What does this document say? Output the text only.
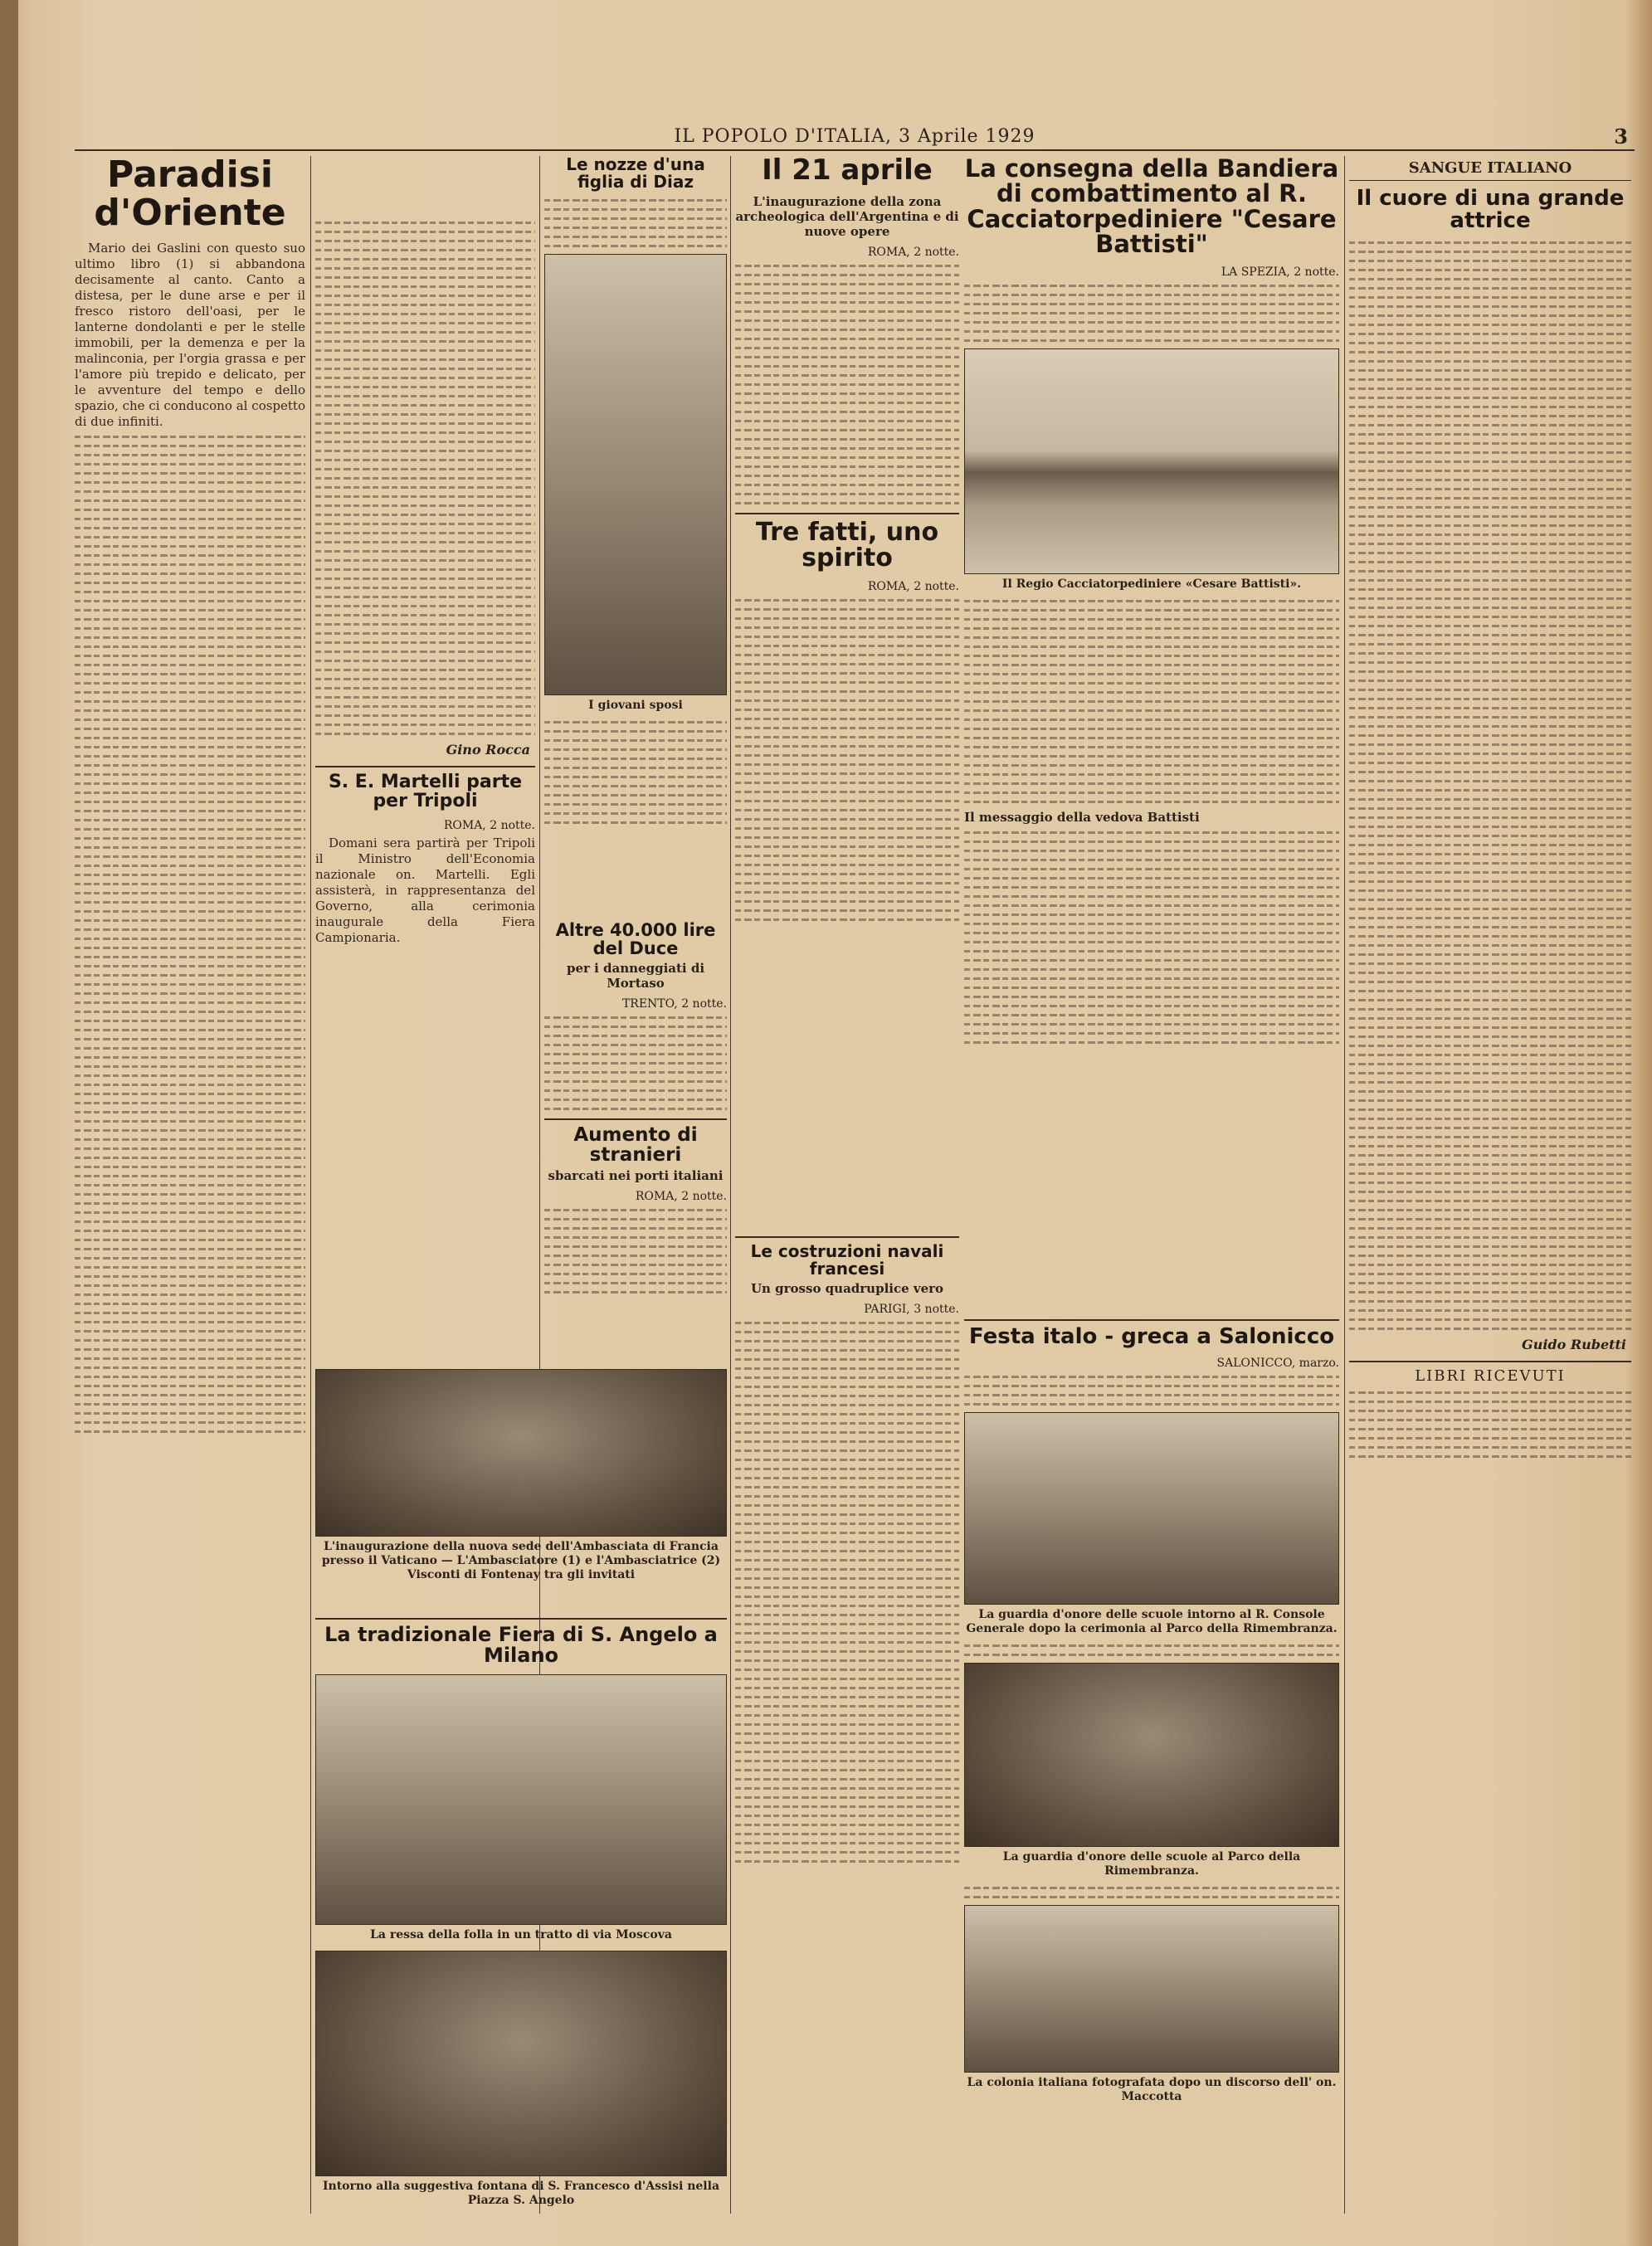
IL POPOLO D'ITALIA, 3 Aprile 1929	3
Paradisi d'Oriente

Mario dei Gaslini con questo suo ultimo libro (1) si abbandona decisamente al canto. Canto a distesa, per le dune arse e per il fresco ristoro dell'oasi, per le lanterne dondolanti e per le stelle immobili, per la demenza e per la malinconia, per l'orgia grassa e per l'amore più trepido e delicato, per le avventure del tempo e dello spazio, che ci conducono al cospetto di due infiniti.

Gino Rocca
S. E. Martelli parte per Tripoli
ROMA, 2 notte.

Domani sera partirà per Tripoli il Ministro dell'Economia nazionale on. Martelli. Egli assisterà, in rappresentanza del Governo, alla cerimonia inaugurale della Fiera Campionaria.

Le nozze d'una figlia di Diaz
I giovani sposi
Il 21 aprile
L'inaugurazione della zona archeologica dell'Argentina e di nuove opere
ROMA, 2 notte.
Tre fatti, uno spirito
ROMA, 2 notte.
Altre 40.000 lire del Duce
per i danneggiati di Mortaso
TRENTO, 2 notte.
Aumento di stranieri
sbarcati nei porti italiani
ROMA, 2 notte.
L'inaugurazione della nuova sede dell'Ambasciata di Francia presso il Vaticano — L'Ambasciatore (1) e l'Ambasciatrice (2) Visconti di Fontenay tra gli invitati
La tradizionale Fiera di S. Angelo a Milano
La ressa della folla in un tratto di via Moscova
Intorno alla suggestiva fontana di S. Francesco d'Assisi nella Piazza S. Angelo
Le costruzioni navali francesi
Un grosso quadruplice vero
PARIGI, 3 notte.
La consegna della Bandiera di combattimento al R. Cacciatorpediniere "Cesare Battisti"
LA SPEZIA, 2 notte.
Il Regio Cacciatorpediniere «Cesare Battisti».
Il messaggio della vedova Battisti
Festa italo - greca a Salonicco
SALONICCO, marzo.
La guardia d'onore delle scuole intorno al R. Console Generale dopo la cerimonia al Parco della Rimembranza.
La guardia d'onore delle scuole al Parco della Rimembranza.
La colonia italiana fotografata dopo un discorso dell' on. Maccotta
SANGUE ITALIANO
Il cuore di una grande attrice
Guido Rubetti
LIBRI RICEVUTI
